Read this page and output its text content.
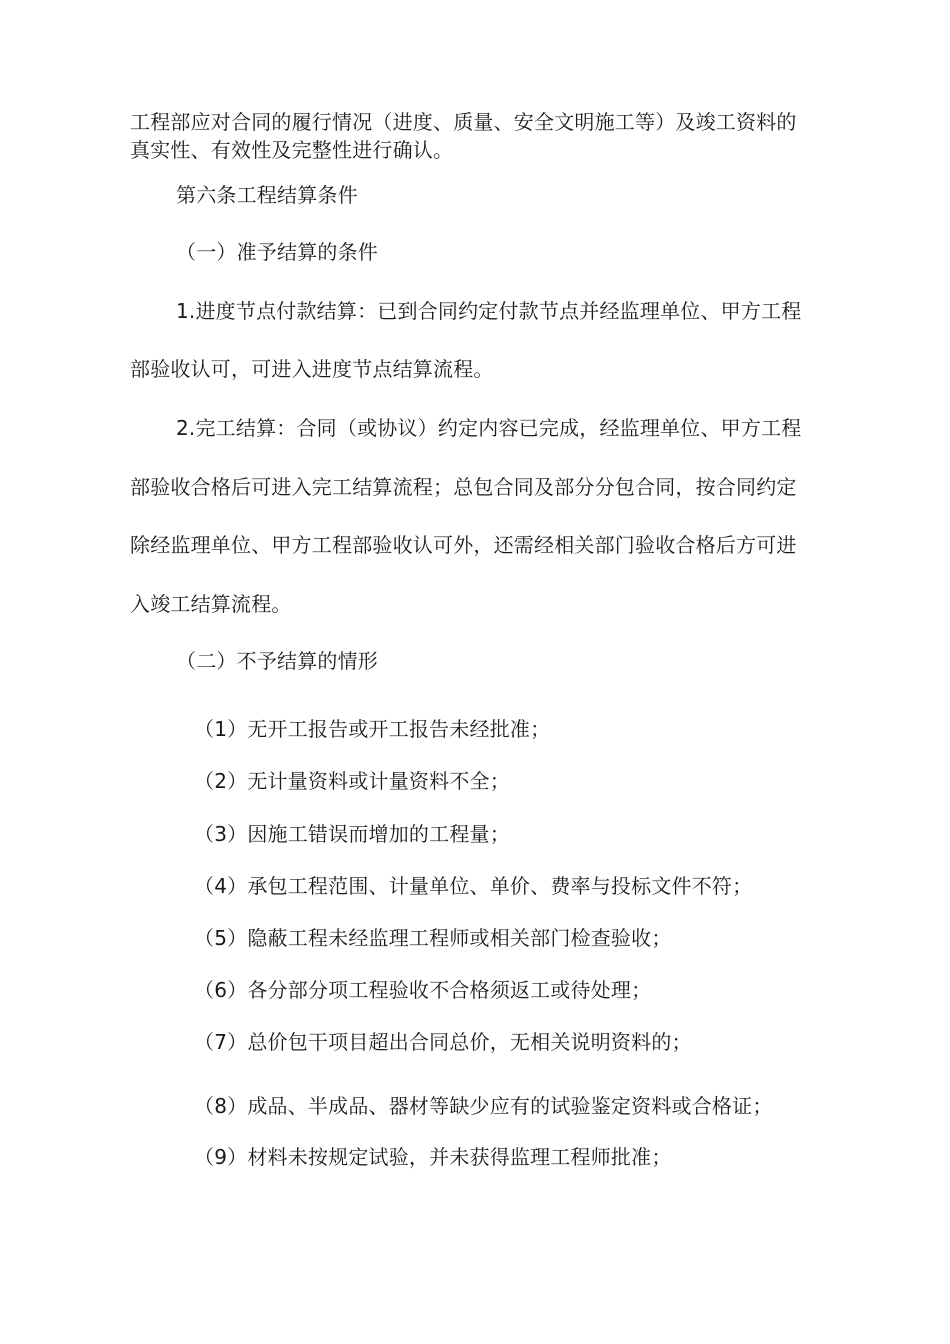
工程部应对合同的履行情况（进度、质量、安全文明施工等）及竣工资料的
真实性、有效性及完整性进行确认。
第六条工程结算条件
（一）准予结算的条件
1.进度节点付款结算：已到合同约定付款节点并经监理单位、甲方工程
部验收认可，可进入进度节点结算流程。
2.完工结算：合同（或协议）约定内容已完成，经监理单位、甲方工程
部验收合格后可进入完工结算流程；总包合同及部分分包合同，按合同约定
除经监理单位、甲方工程部验收认可外，还需经相关部门验收合格后方可进
入竣工结算流程。
（二）不予结算的情形
（1）无开工报告或开工报告未经批准；
（2）无计量资料或计量资料不全；
（3）因施工错误而增加的工程量；
（4）承包工程范围、计量单位、单价、费率与投标文件不符；
（5）隐蔽工程未经监理工程师或相关部门检查验收；
（6）各分部分项工程验收不合格须返工或待处理；
（7）总价包干项目超出合同总价，无相关说明资料的；
（8）成品、半成品、器材等缺少应有的试验鉴定资料或合格证；
（9）材料未按规定试验，并未获得监理工程师批准；
